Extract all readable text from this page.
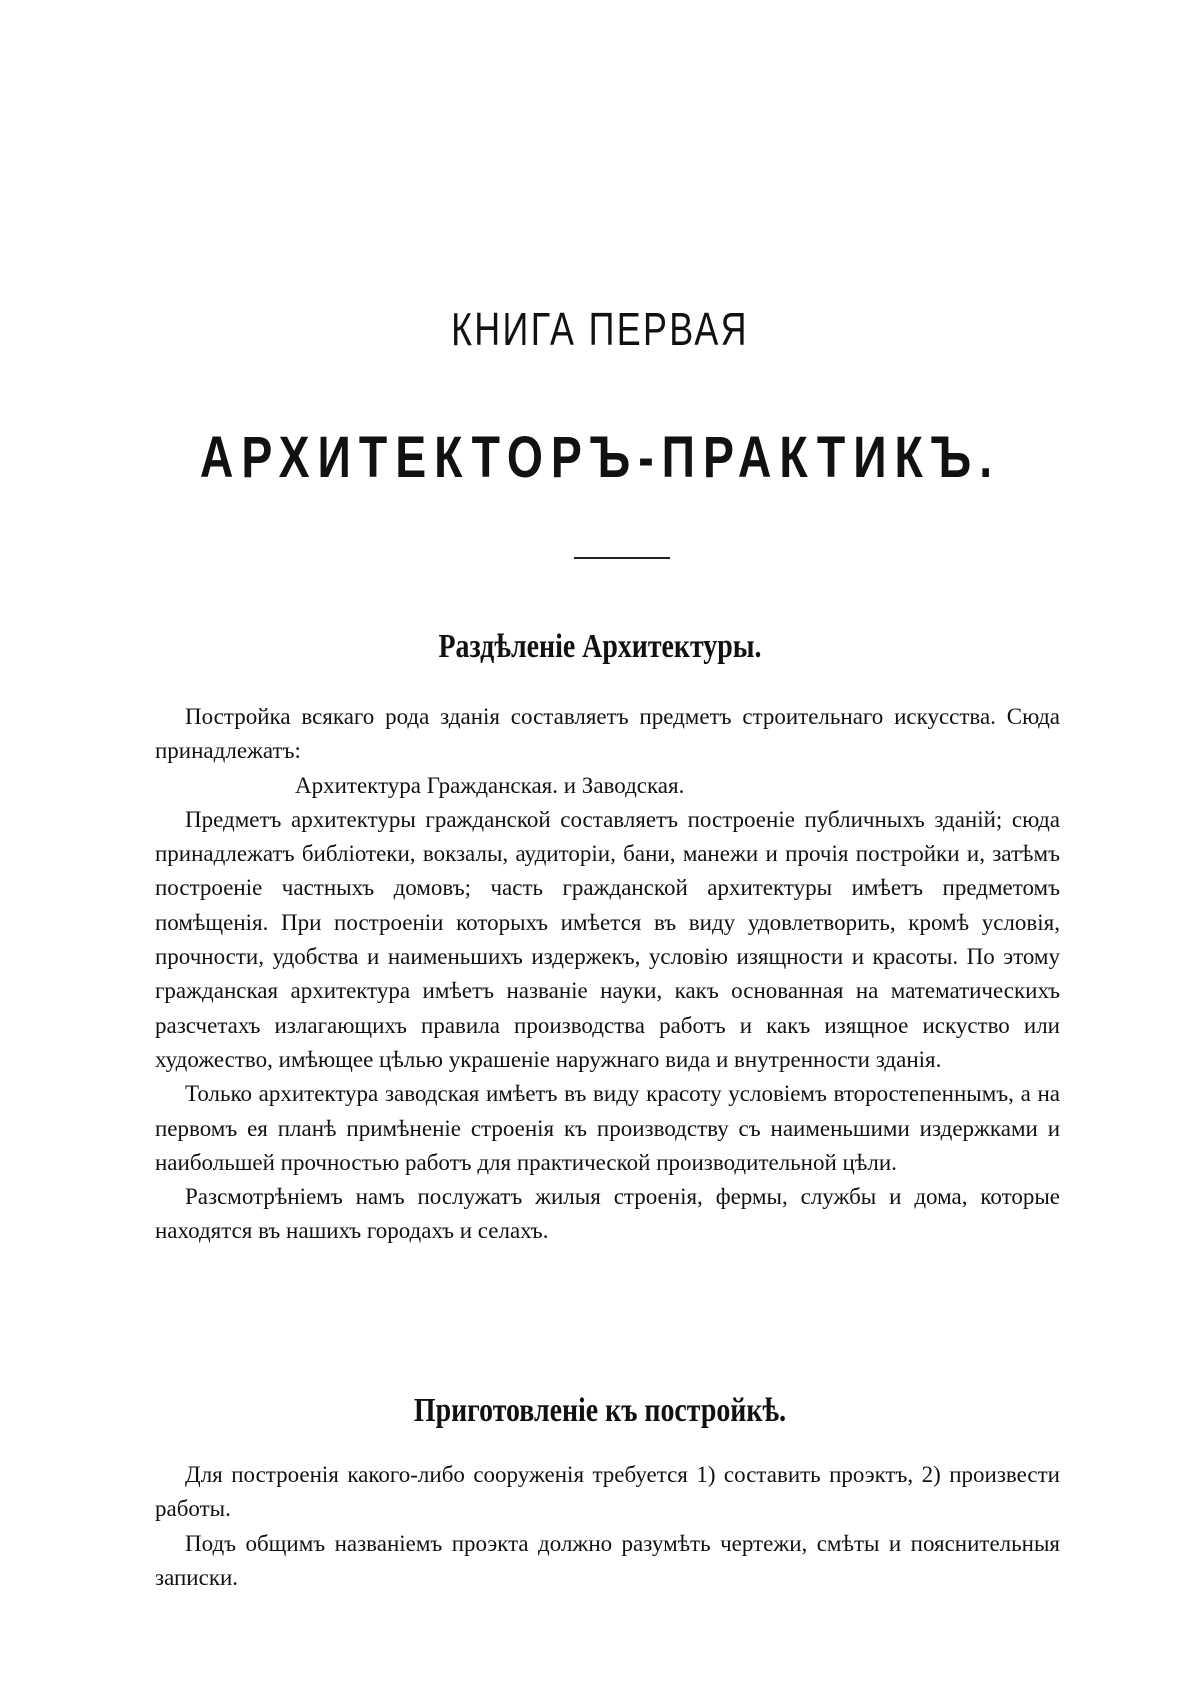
КНИГА ПЕРВАЯ
АРХИТЕКТОРЪ-ПРАКТИКЪ.
Раздѣленіе Архитектуры.

Постройка всякаго рода зданія составляетъ предметъ строительнаго искусства. Сюда принадлежатъ:

Архитектура Гражданская. и Заводская.

Предметъ архитектуры гражданской составляетъ построеніе публичныхъ зданій; сюда принадлежатъ библіотеки, вокзалы, аудиторіи, бани, манежи и прочія постройки и, затѣмъ построеніе частныхъ домовъ; часть гражданской архитектуры имѣетъ предметомъ помѣщенія. При построеніи которыхъ имѣется въ виду удовлетворить, кромѣ условія, прочности, удобства и наименьшихъ издержекъ, условію изящности и красоты. По этому гражданская архитектура имѣетъ названіе науки, какъ основанная на математическихъ разсчетахъ излагающихъ правила производства работъ и какъ изящное искуство или художество, имѣющее цѣлью украшеніе наружнаго вида и внутренности зданія.

Только архитектура заводская имѣетъ въ виду красоту условіемъ второстепеннымъ, а на первомъ ея планѣ примѣненіе строенія къ производству съ наименьшими издержками и наибольшей прочностью работъ для практической производительной цѣли.

Разсмотрѣніемъ намъ послужатъ жилыя строенія, фермы, службы и дома, которые находятся въ нашихъ городахъ и селахъ.

Приготовленіе къ постройкѣ.

Для построенія какого-либо сооруженія требуется 1) составить проэктъ, 2) произвести работы.

Подъ общимъ названіемъ проэкта должно разумѣть чертежи, смѣты и пояснительныя записки.
